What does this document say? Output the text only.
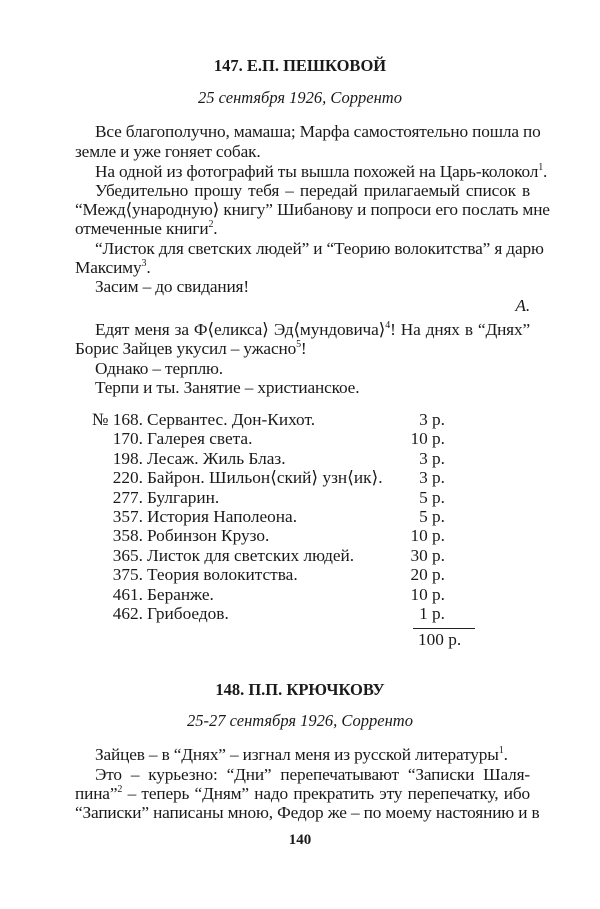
147. Е.П. ПЕШКОВОЙ
25 сентября 1926, Сорренто
Все благополучно, мамаша; Марфа самостоятельно пошла по
земле и уже гоняет собак.
На одной из фотографий ты вышла похожей на Царь-колокол$^1$.
Убедительно прошу тебя – передай прилагаемый список в
“Межд⟨ународную⟩ книгу” Шибанову и попроси его послать мне
отмеченные книги$^2$.
“Листок для светских людей” и “Теорию волокитства” я дарю
Максиму$^3$.
Засим – до свидания!
А.
Едят меня за Ф⟨еликса⟩ Эд⟨мундовича⟩$^4$! На днях в “Днях”
Борис Зайцев укусил – ужасно$^5$!
Однако – терплю.
Терпи и ты. Занятие – христианское.
№ 168. Сервантес. Дон-Кихот.	3 р.
170. Галерея света.	10 р.
198. Лесаж. Жиль Блаз.	3 р.
220. Байрон. Шильон⟨ский⟩ узн⟨ик⟩.	3 р.
277. Булгарин.	5 р.
357. История Наполеона.	5 р.
358. Робинзон Крузо.	10 р.
365. Листок для светских людей.	30 р.
375. Теория волокитства.	20 р.
461. Беранже.	10 р.
462. Грибоедов.	1 р.
100 р.
148. П.П. КРЮЧКОВУ
25-27 сентября 1926, Сорренто
Зайцев – в “Днях” – изгнал меня из русской литературы$^1$.
Это – курьезно: “Дни” перепечатывают “Записки Шаля-
пина”$^2$ – теперь “Дням” надо прекратить эту перепечатку, ибо
“Записки” написаны мною, Федор же – по моему настоянию и в
140
